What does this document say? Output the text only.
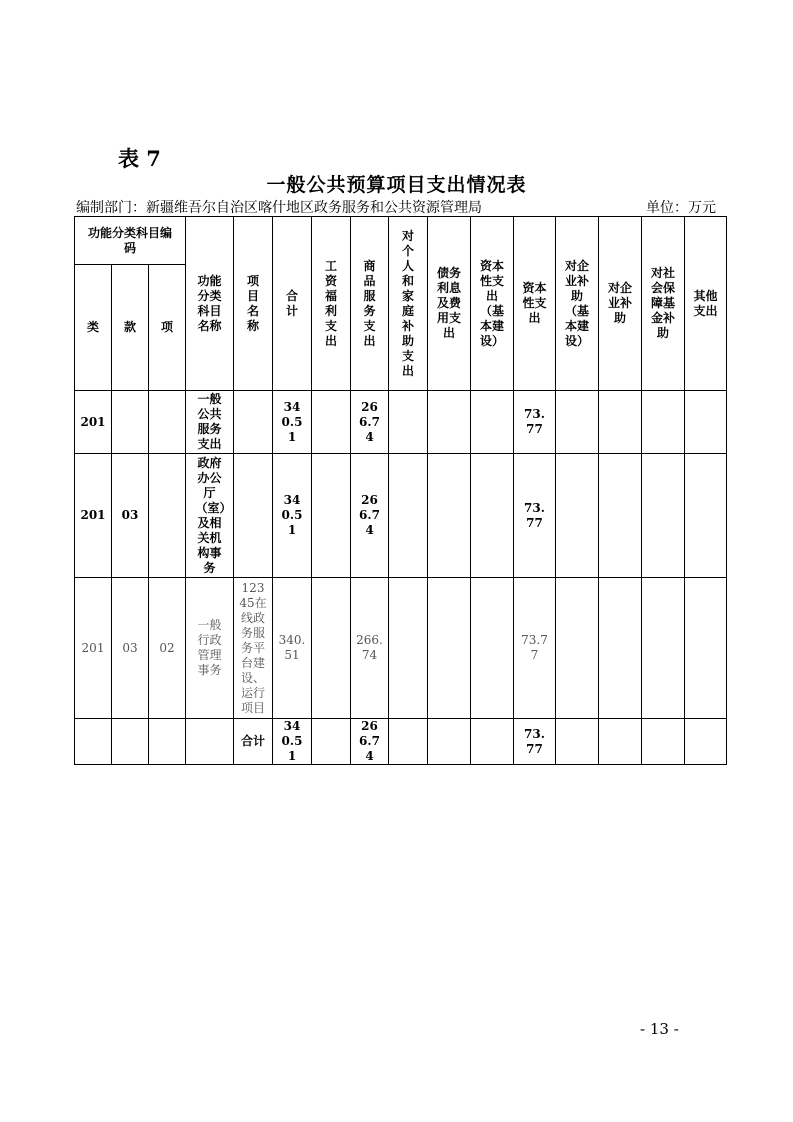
表 7
一般公共预算项目支出情况表
编制部门：新疆维吾尔自治区喀什地区政务服务和公共资源管理局	单位：万元
功能分类科目编码			功能分类科目名称	项目名称	合计	工资福利支出	商品服务支出	对个人和家庭补助支出	债务利息及费用支出	资本性支出（基本建设）	资本性支出	对企业补助（基本建设）	对企业补助	对社会保障基金补助	其他支出

类	款	项													
201			一般公共服务支出		340.51		266.74				73.77				

201	03		政府办公厅（室）及相关机构事务		340.51		266.74				73.77				

201	03	02	一般行政管理事务	12345在线政务服务平台建设、运行项目	340.51		266.74				73.77				

				合计	340.51		266.74				73.77				

- 13 -
